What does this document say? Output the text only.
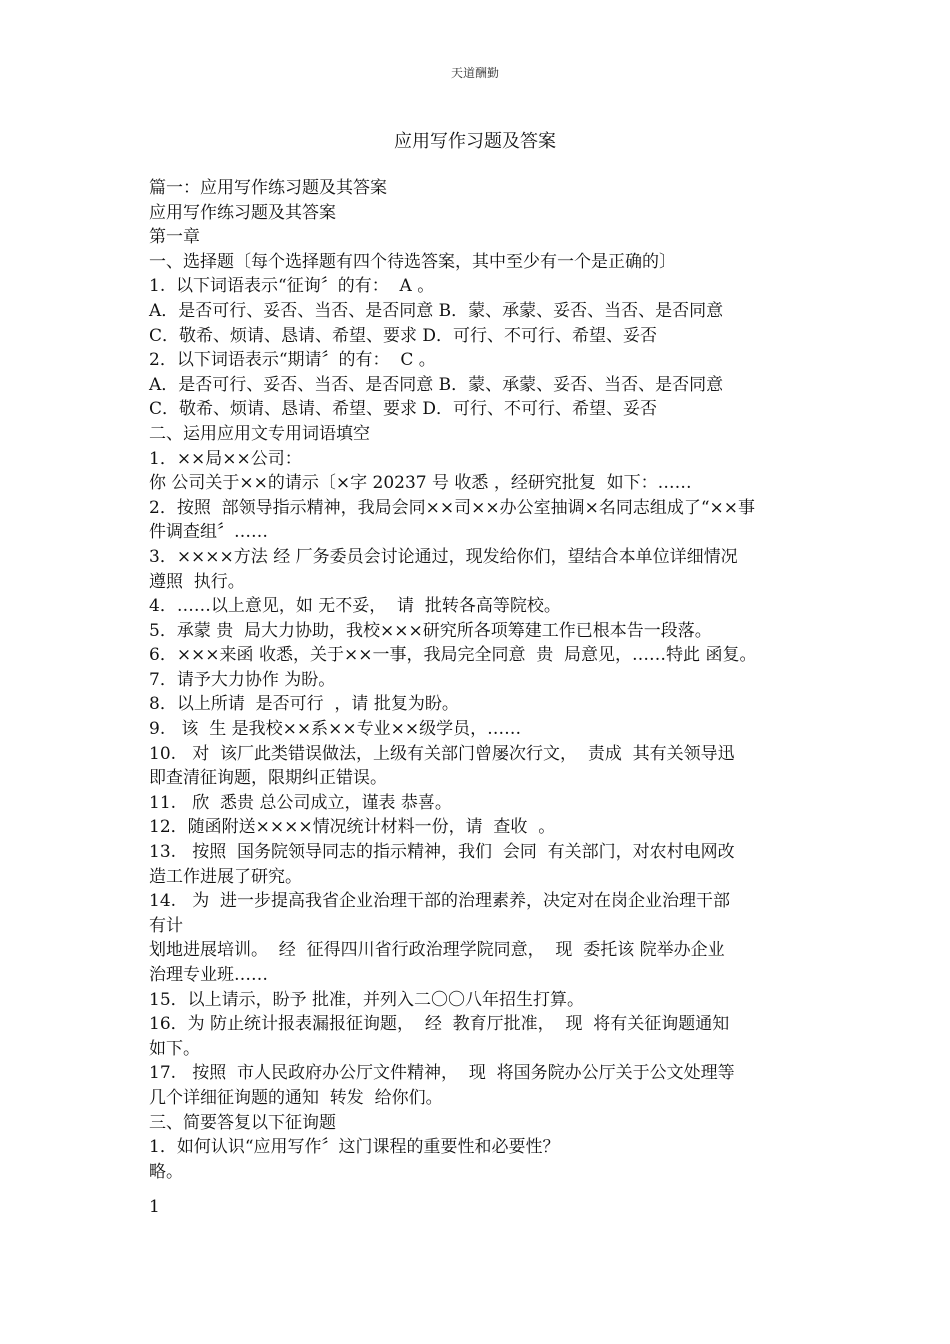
天道酬勤
应用写作习题及答案
篇一：应用写作练习题及其答案
应用写作练习题及其答案
第一章
一、选择题〔每个选择题有四个待选答案，其中至少有一个是正确的〕
1.  以下词语表示“征询〞的有：  A 。
A．是否可行、妥否、当否、是否同意 B．蒙、承蒙、妥否、当否、是否同意
C．敬希、烦请、恳请、希望、要求 D．可行、不可行、希望、妥否
2．以下词语表示“期请〞的有：  C 。
A．是否可行、妥否、当否、是否同意 B．蒙、承蒙、妥否、当否、是否同意
C．敬希、烦请、恳请、希望、要求 D．可行、不可行、希望、妥否
二、运用应用文专用词语填空
1．××局××公司：
你 公司关于××的请示〔×字 20237 号 收悉 ，经研究批复  如下：……
2．按照  部领导指示精神，我局会同××司××办公室抽调×名同志组成了“××事
件调查组〞……
3．××××方法 经 厂务委员会讨论通过，现发给你们，望结合本单位详细情况
遵照  执行。
4．……以上意见，如 无不妥，  请  批转各高等院校。
5．承蒙 贵  局大力协助，我校×××研究所各项筹建工作已根本告一段落。
6．×××来函 收悉，关于××一事，我局完全同意  贵  局意见，……特此 函复。
7．请予大力协作 为盼。
8．以上所请  是否可行  ，请 批复为盼。
9.   该  生 是我校××系××专业××级学员，……
10.   对  该厂此类错误做法，上级有关部门曾屡次行文，  责成  其有关领导迅
即查清征询题，限期纠正错误。
11.   欣  悉贵 总公司成立，谨表 恭喜。
12．随函附送××××情况统计材料一份，请  查收  。
13.   按照  国务院领导同志的指示精神，我们  会同  有关部门，对农村电网改
造工作进展了研究。
14.   为  进一步提高我省企业治理干部的治理素养，决定对在岗企业治理干部
有计
划地进展培训。  经  征得四川省行政治理学院同意，  现  委托该 院举办企业
治理专业班……
15．以上请示，盼予 批准，并列入二〇〇八年招生打算。
16．为 防止统计报表漏报征询题，  经  教育厅批准，  现  将有关征询题通知
如下。
17.   按照  市人民政府办公厅文件精神，  现  将国务院办公厅关于公文处理等
几个详细征询题的通知  转发  给你们。
三、简要答复以下征询题
1．如何认识“应用写作〞这门课程的重要性和必要性？
略。
1
